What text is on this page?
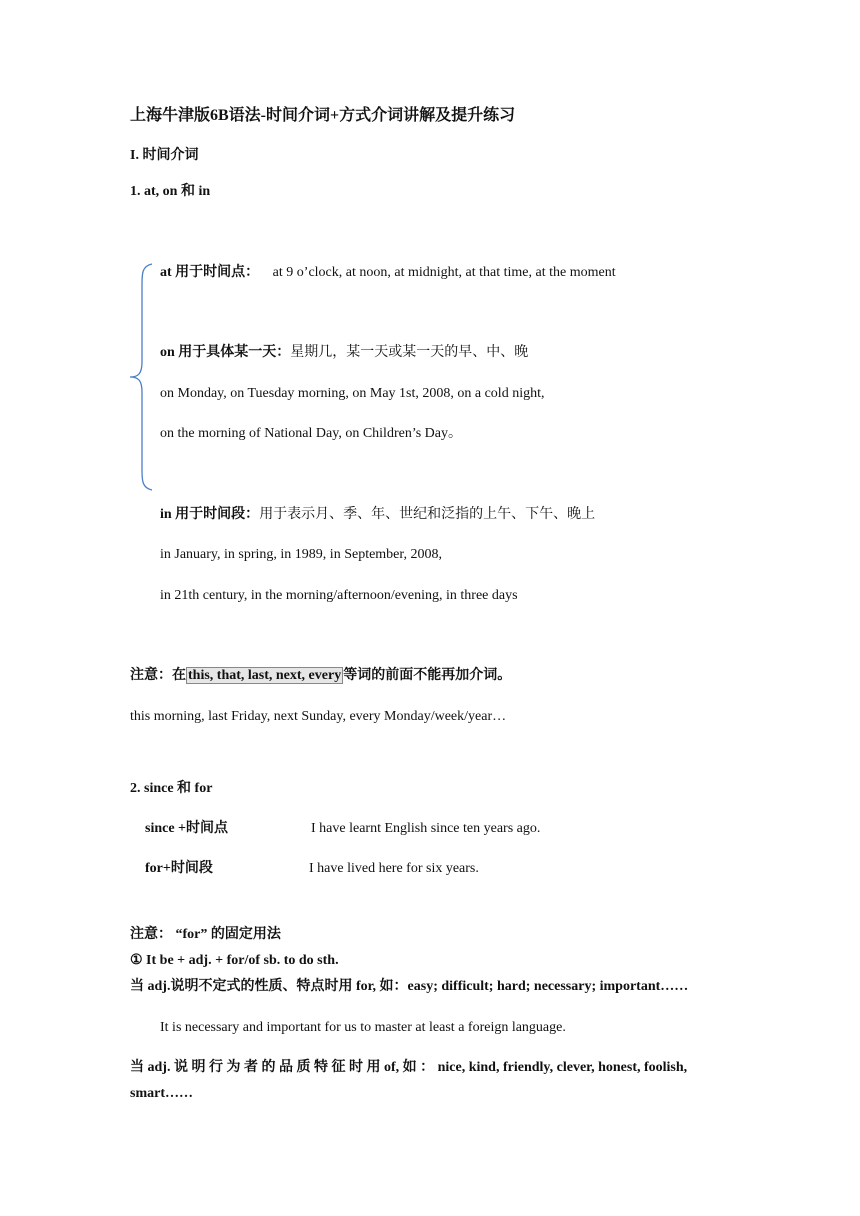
上海牛津版6B语法-时间介词+方式介词讲解及提升练习
I. 时间介词
1. at, on 和 in
at 用于时间点： at 9 o’clock, at noon, at midnight, at that time, at the moment
on 用于具体某一天：星期几，某一天或某一天的早、中、晚
on Monday, on Tuesday morning, on May 1st, 2008, on a cold night,
on the morning of National Day, on Children’s Day。
in 用于时间段：用于表示月、季、年、世纪和泛指的上午、下午、晚上
in January, in spring, in 1989, in September, 2008,
in 21th century, in the morning/afternoon/evening, in three days
注意：在 this, that, last, next, every 等词的前面不能再加介词。
this morning, last Friday, next Sunday, every Monday/week/year…
2. since 和 for
since +时间点	I have learnt English since ten years ago.
for+时间段	I have lived here for six years.
注意： “for” 的固定用法
① It be + adj. + for/of sb. to do sth.
当 adj.说明不定式的性质、特点时用 for, 如：easy; difficult; hard; necessary; important……
It is necessary and important for us to master at least a foreign language.
当 adj. 说 明 行 为 者 的 品 质 特 征 时 用 of, 如 ： nice, kind, friendly, clever, honest, foolish,
smart……
